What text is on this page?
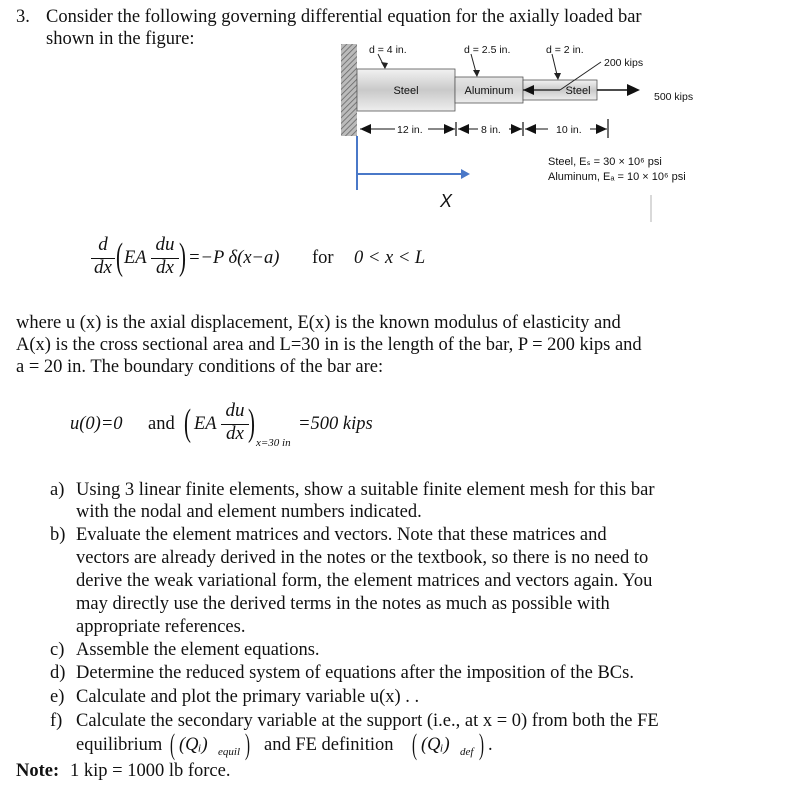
3. Consider the following governing differential equation for the axially loaded bar
shown in the figure:
d = 4 in.	d = 2.5 in.	d = 2 in.
200 kips
500 kips
Steel	Aluminum	Steel
12 in.	8 in.	10 in.
Steel, Eₛ = 30 × 10⁶ psi
Aluminum, Eₐ = 10 × 10⁶ psi
X
d
dx ( EA
du
dx ) =−P δ(x−a) for 0 < x < L
where u (x) is the axial displacement, E(x) is the known modulus of elasticity and
A(x) is the cross sectional area and L=30 in is the length of the bar, P = 200 kips and
a = 20 in. The boundary conditions of the bar are:
u(0)=0 and ( EA
du
dx ) x=30 in
=500 kips
a) Using 3 linear finite elements, show a suitable finite element mesh for this bar
with the nodal and element numbers indicated.
b) Evaluate the element matrices and vectors. Note that these matrices and
vectors are already derived in the notes or the textbook, so there is no need to
derive the weak variational form, the element matrices and vectors again. You
may directly use the derived terms in the notes as much as possible with
appropriate references.
c) Assemble the element equations.
d) Determine the reduced system of equations after the imposition of the BCs.
e) Calculate and plot the primary variable u(x) . .
f) Calculate the secondary variable at the support (i.e., at x = 0) from both the FE
equilibrium ( (Qᵢ) equil ) and FE definition ( (Qᵢ) def ) .
Note: 1 kip = 1000 lb force.
